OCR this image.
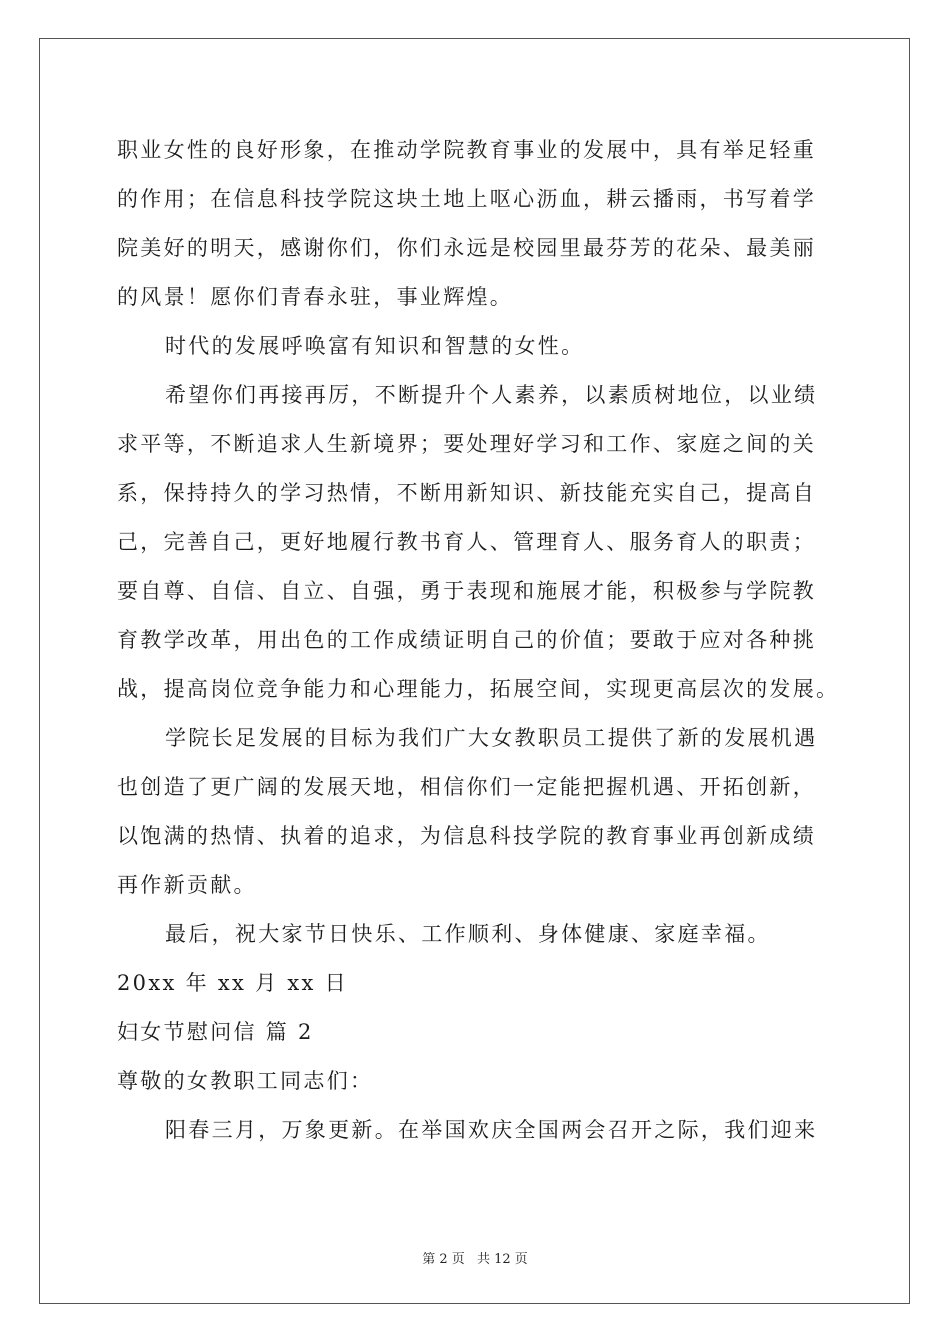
职业女性的良好形象，在推动学院教育事业的发展中，具有举足轻重

的作用；在信息科技学院这块土地上呕心沥血，耕云播雨，书写着学

院美好的明天，感谢你们，你们永远是校园里最芬芳的花朵、最美丽

的风景！愿你们青春永驻，事业辉煌。

时代的发展呼唤富有知识和智慧的女性。

希望你们再接再厉，不断提升个人素养，以素质树地位，以业绩

求平等，不断追求人生新境界；要处理好学习和工作、家庭之间的关

系，保持持久的学习热情，不断用新知识、新技能充实自己，提高自

己，完善自己，更好地履行教书育人、管理育人、服务育人的职责；

要自尊、自信、自立、自强，勇于表现和施展才能，积极参与学院教

育教学改革，用出色的工作成绩证明自己的价值；要敢于应对各种挑

战，提高岗位竞争能力和心理能力，拓展空间，实现更高层次的发展。

学院长足发展的目标为我们广大女教职员工提供了新的发展机遇

也创造了更广阔的发展天地，相信你们一定能把握机遇、开拓创新，

以饱满的热情、执着的追求，为信息科技学院的教育事业再创新成绩

再作新贡献。

最后，祝大家节日快乐、工作顺利、身体健康、家庭幸福。

20xx 年 xx 月 xx 日

妇女节慰问信 篇 2

尊敬的女教职工同志们：

阳春三月，万象更新。在举国欢庆全国两会召开之际，我们迎来

第 2 页 共 12 页
